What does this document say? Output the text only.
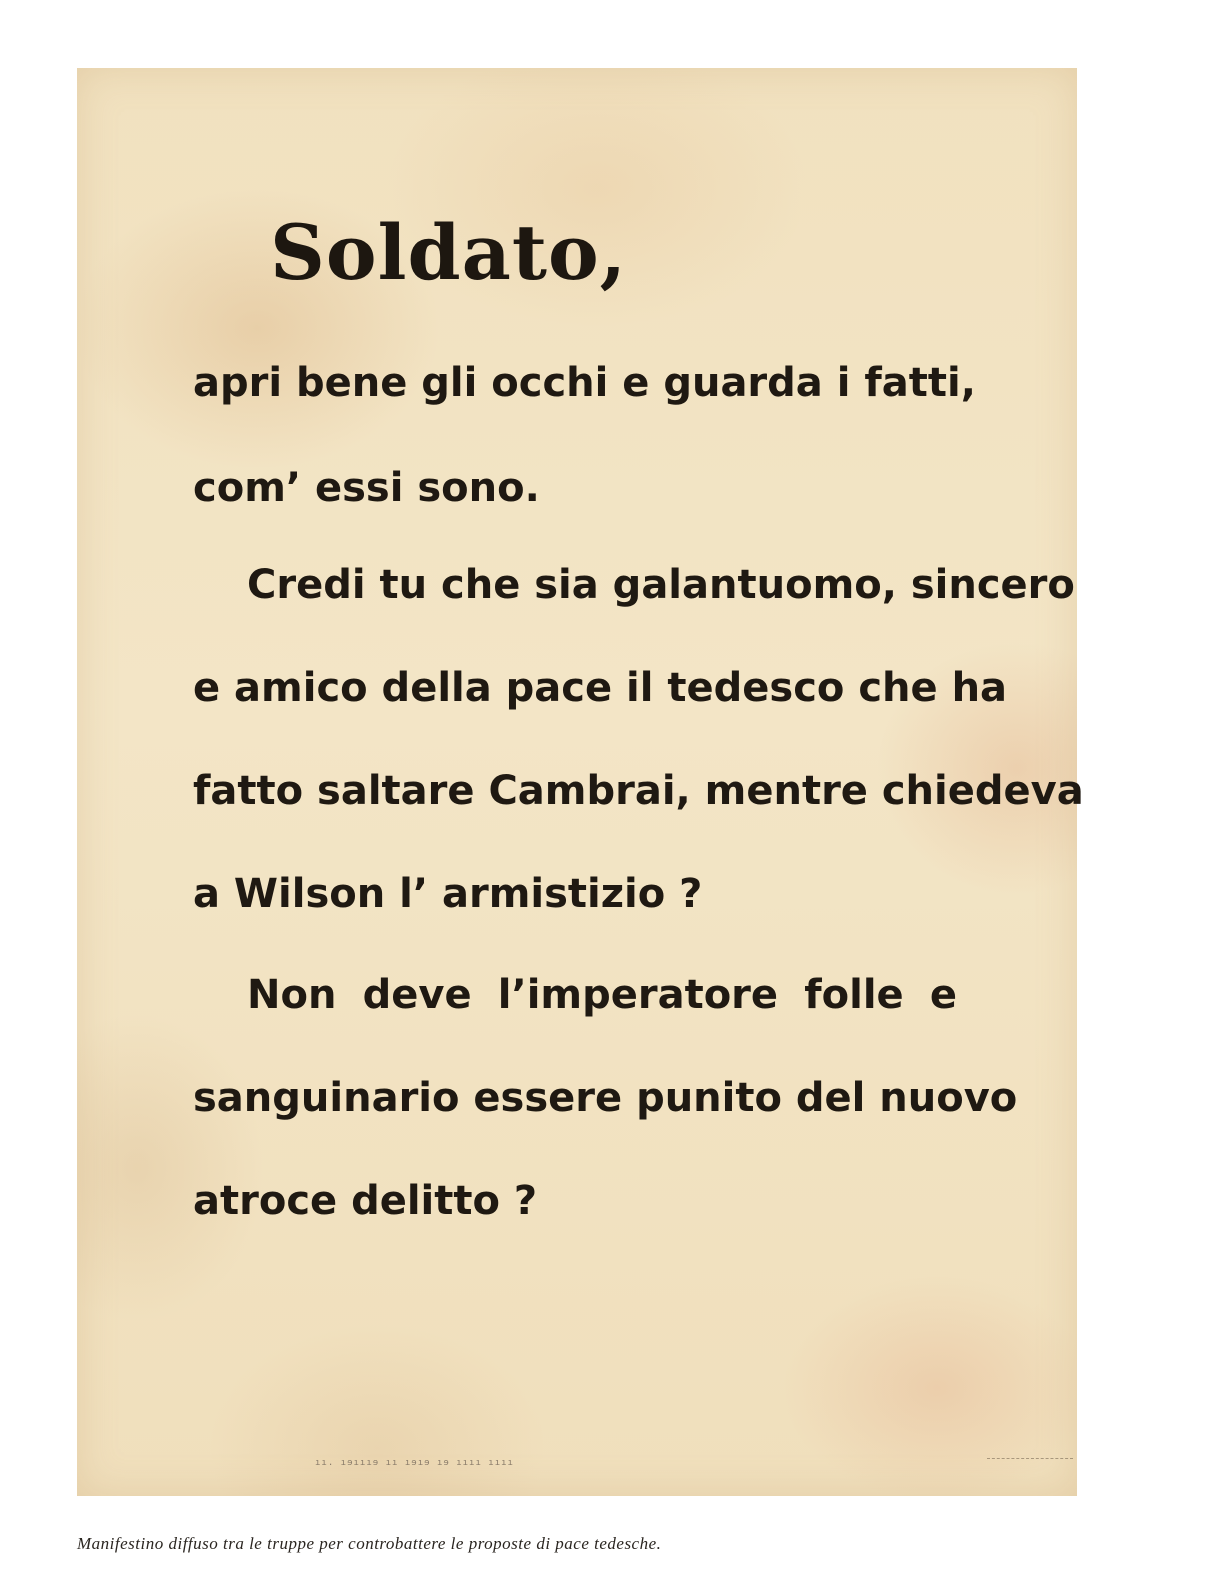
Soldato,
apri bene gli occhi e guarda i fatti,
com’ essi sono.
Credi tu che sia galantuomo, sincero
e amico della pace il tedesco che ha
fatto saltare Cambrai, mentre chiedeva
a Wilson l’ armistizio ?
Non deve l’imperatore folle e
sanguinario essere punito del nuovo
atroce delitto ?
ıı. ıɘıııɘ ıı ıɘıɘ ıɘ ıııı ıııı
Manifestino diffuso tra le truppe per controbattere le proposte di pace tedesche.
